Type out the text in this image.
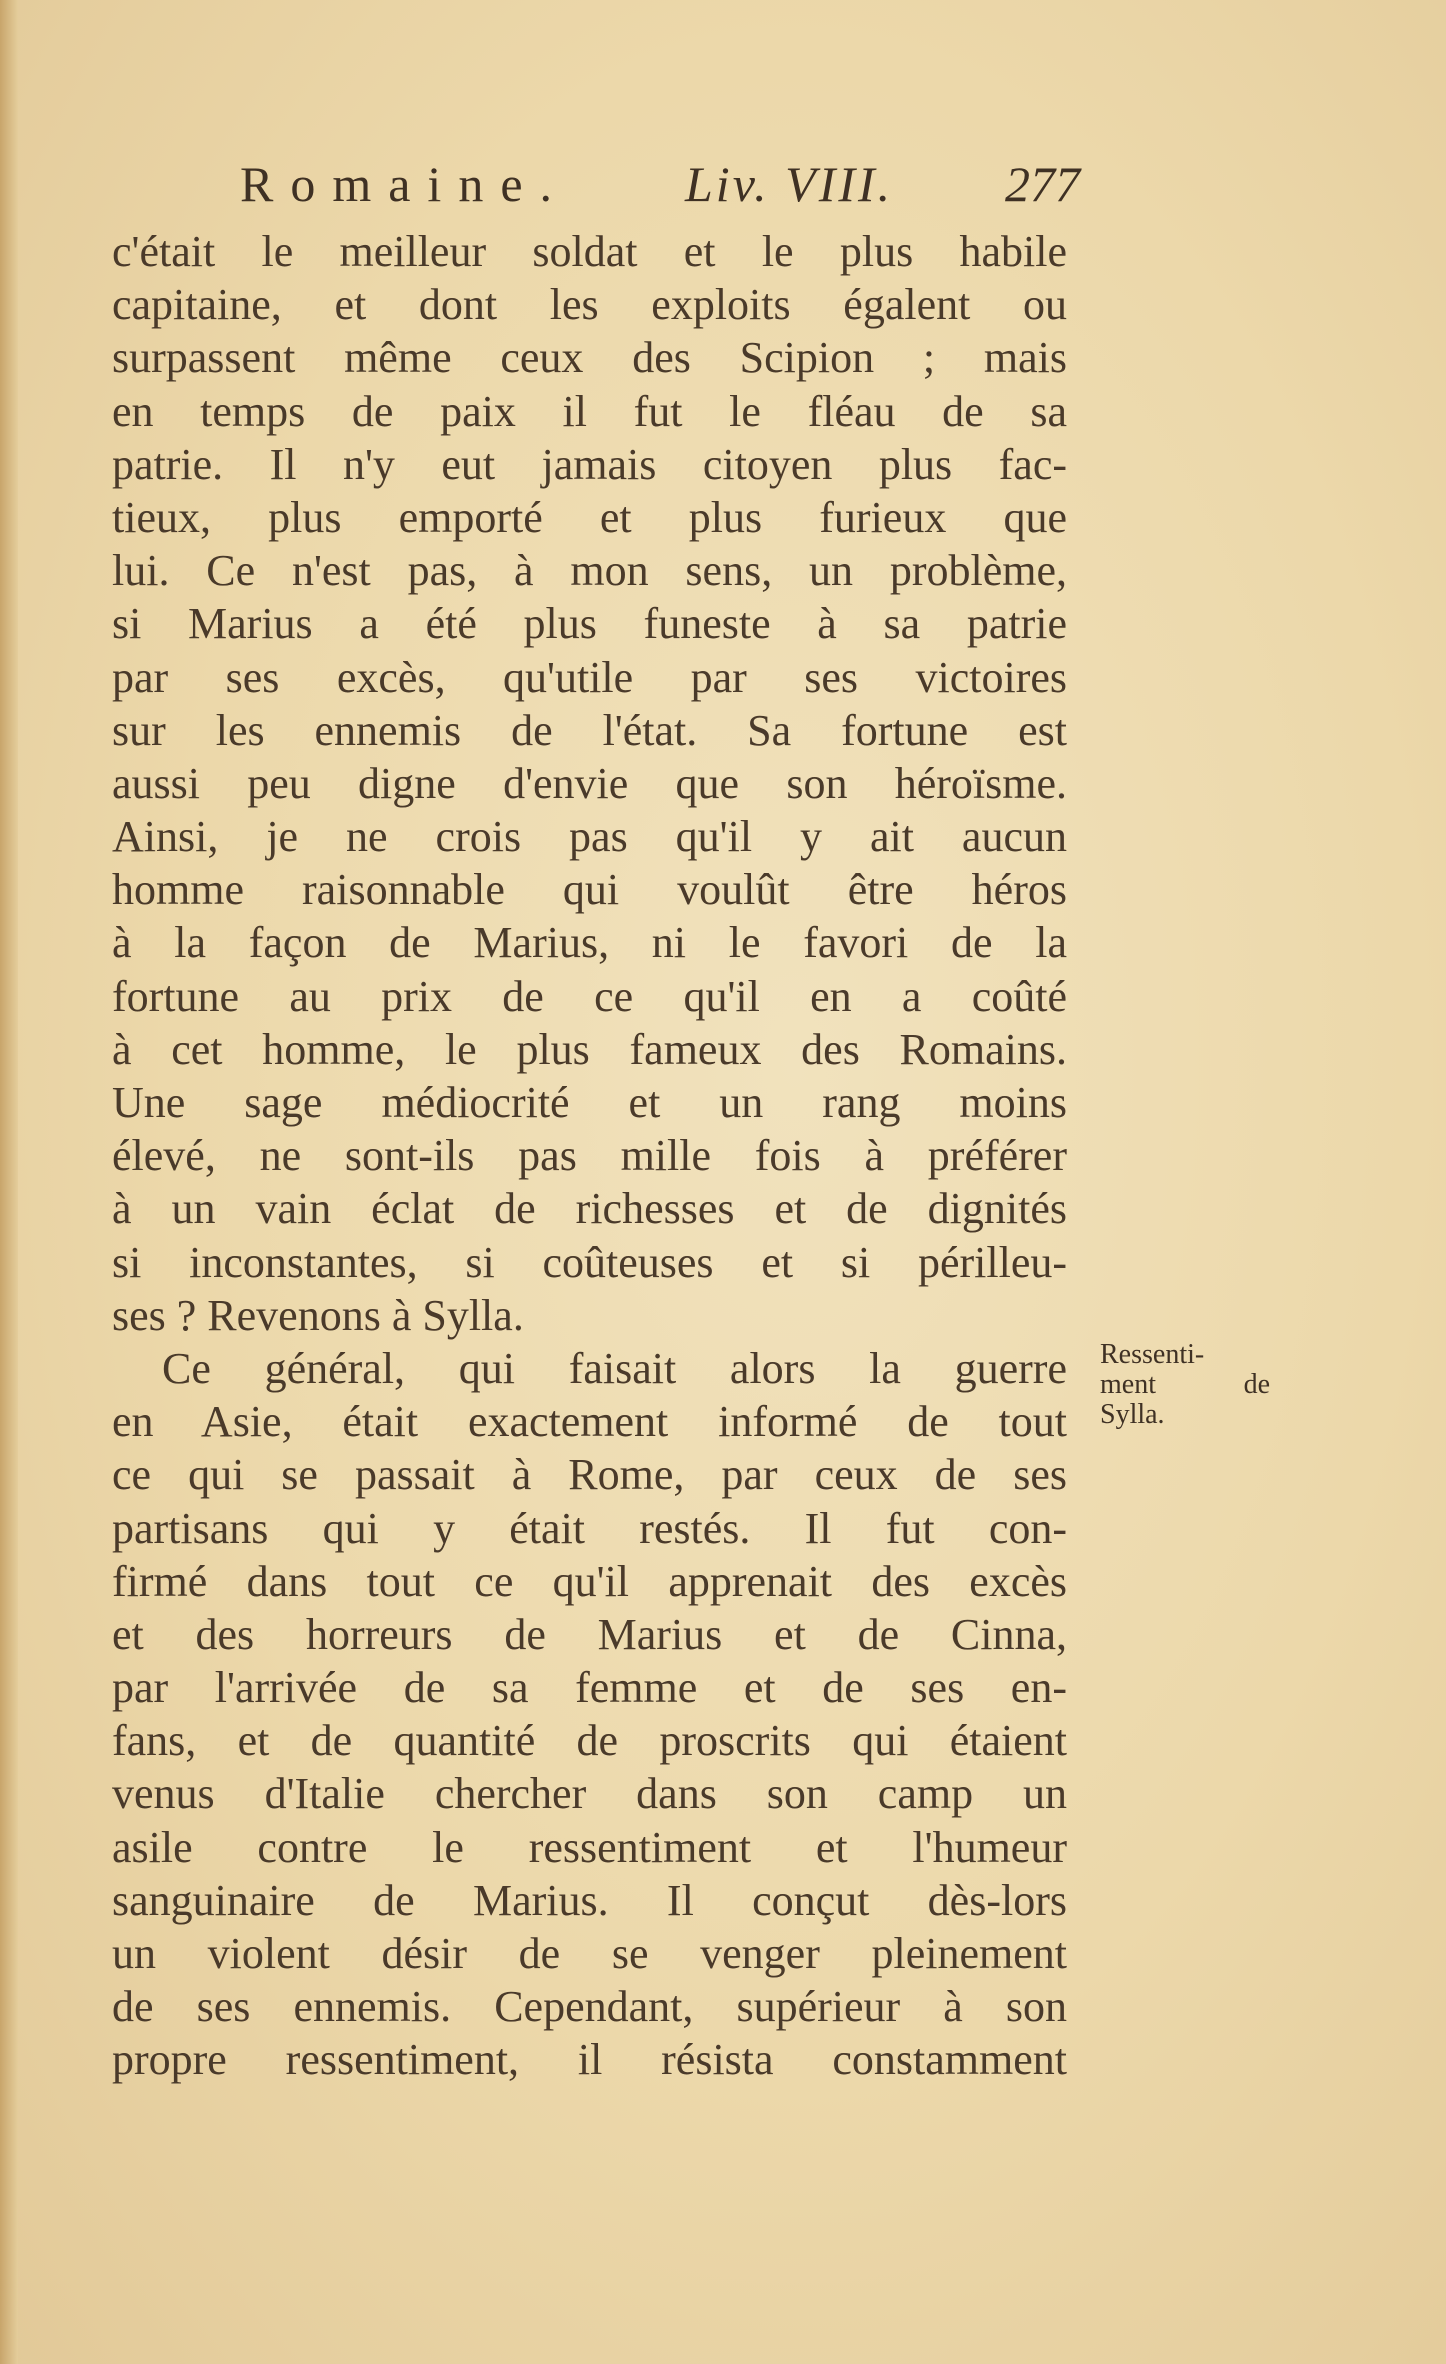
Romaine. Liv. VIII. 277
c'était le meilleur soldat et le plus habile
capitaine, et dont les exploits égalent ou
surpassent même ceux des Scipion ; mais
en temps de paix il fut le fléau de sa
patrie. Il n'y eut jamais citoyen plus fac-
tieux, plus emporté et plus furieux que
lui. Ce n'est pas, à mon sens, un problème,
si Marius a été plus funeste à sa patrie
par ses excès, qu'utile par ses victoires
sur les ennemis de l'état. Sa fortune est
aussi peu digne d'envie que son héroïsme.
Ainsi, je ne crois pas qu'il y ait aucun
homme raisonnable qui voulût être héros
à la façon de Marius, ni le favori de la
fortune au prix de ce qu'il en a coûté
à cet homme, le plus fameux des Romains.
Une sage médiocrité et un rang moins
élevé, ne sont-ils pas mille fois à préférer
à un vain éclat de richesses et de dignités
si inconstantes, si coûteuses et si périlleu-
ses ? Revenons à Sylla.
Ce général, qui faisait alors la guerre
en Asie, était exactement informé de tout
ce qui se passait à Rome, par ceux de ses
partisans qui y était restés. Il fut con-
firmé dans tout ce qu'il apprenait des excès
et des horreurs de Marius et de Cinna,
par l'arrivée de sa femme et de ses en-
fans, et de quantité de proscrits qui étaient
venus d'Italie chercher dans son camp un
asile contre le ressentiment et l'humeur
sanguinaire de Marius. Il conçut dès-lors
un violent désir de se venger pleinement
de ses ennemis. Cependant, supérieur à son
propre ressentiment, il résista constamment
Ressenti-
ment	de
Sylla.
